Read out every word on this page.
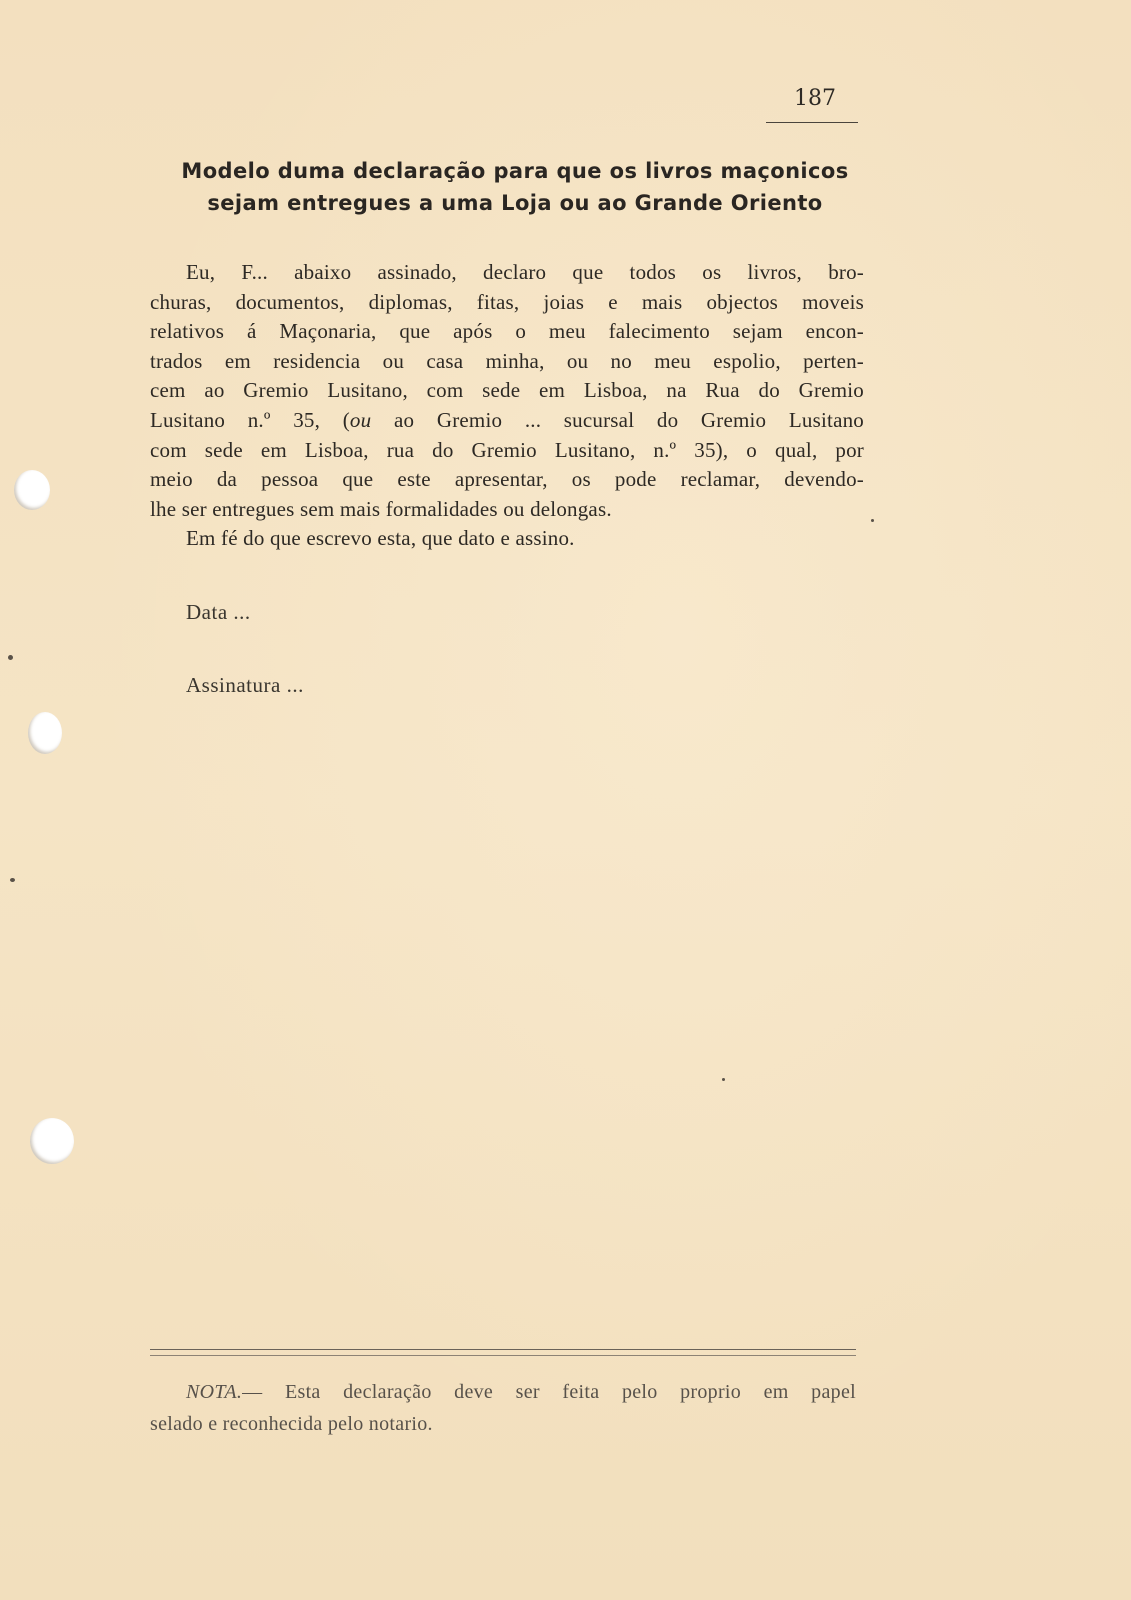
187
Modelo duma declaração para que os livros maçonicos
sejam entregues a uma Loja ou ao Grande Oriento
Eu, F... abaixo assinado, declaro que todos os livros, bro-
churas, documentos, diplomas, fitas, joias e mais objectos moveis
relativos á Maçonaria, que após o meu falecimento sejam encon-
trados em residencia ou casa minha, ou no meu espolio, perten-
cem ao Gremio Lusitano, com sede em Lisboa, na Rua do Gremio
Lusitano n.º 35, (ou ao Gremio ... sucursal do Gremio Lusitano
com sede em Lisboa, rua do Gremio Lusitano, n.º 35), o qual, por
meio da pessoa que este apresentar, os pode reclamar, devendo-
lhe ser entregues sem mais formalidades ou delongas.
Em fé do que escrevo esta, que dato e assino.
Data ...
Assinatura ...
NOTA.— Esta declaração deve ser feita pelo proprio em papel
selado e reconhecida pelo notario.
